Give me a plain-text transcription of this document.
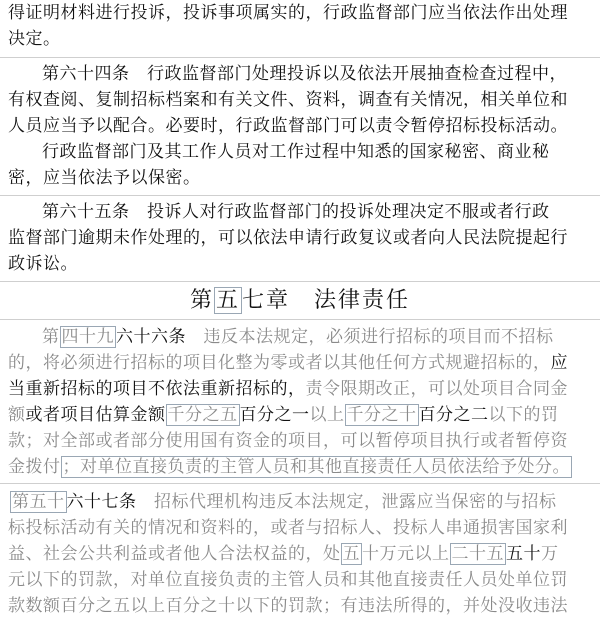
得证明材料进行投诉，投诉事项属实的，行政监督部门应当依法作出处理
决定。
第六十四条　行政监督部门处理投诉以及依法开展抽查检查过程中，
有权查阅、复制招标档案和有关文件、资料，调查有关情况，相关单位和
人员应当予以配合。必要时，行政监督部门可以责令暂停招标投标活动。
行政监督部门及其工作人员对工作过程中知悉的国家秘密、商业秘
密，应当依法予以保密。
第六十五条　投诉人对行政监督部门的投诉处理决定不服或者行政
监督部门逾期未作处理的，可以依法申请行政复议或者向人民法院提起行
政诉讼。
第五七章　 法律责任
第 四十九 六十六条　违反本法规定，必须进行招标的项目而不招标
的，将必须进行招标的项目化整为零或者以其他任何方式规避招标的，应
当重新招标的项目不依法重新招标的，责令限期改正，可以处项目合同金
额或者项目估算金额 千分之五 百分之一以上 千分之十 百分之二以下的罚
款；对全部或者部分使用国有资金的项目，可以暂停项目执行或者暂停资
金拨付 ；对单位直接负责的主管人员和其他直接责任人员依法给予处分。
第五十 六十七条　招标代理机构违反本法规定，泄露应当保密的与招标
标投标活动有关的情况和资料的，或者与招标人、投标人串通损害国家利
益、社会公共利益或者他人合法权益的，处 五 十万元以上 二十五 五十万
元以下的罚款，对单位直接负责的主管人员和其他直接责任人员处单位罚
款数额百分之五以上百分之十以下的罚款；有违法所得的，并处没收违法
